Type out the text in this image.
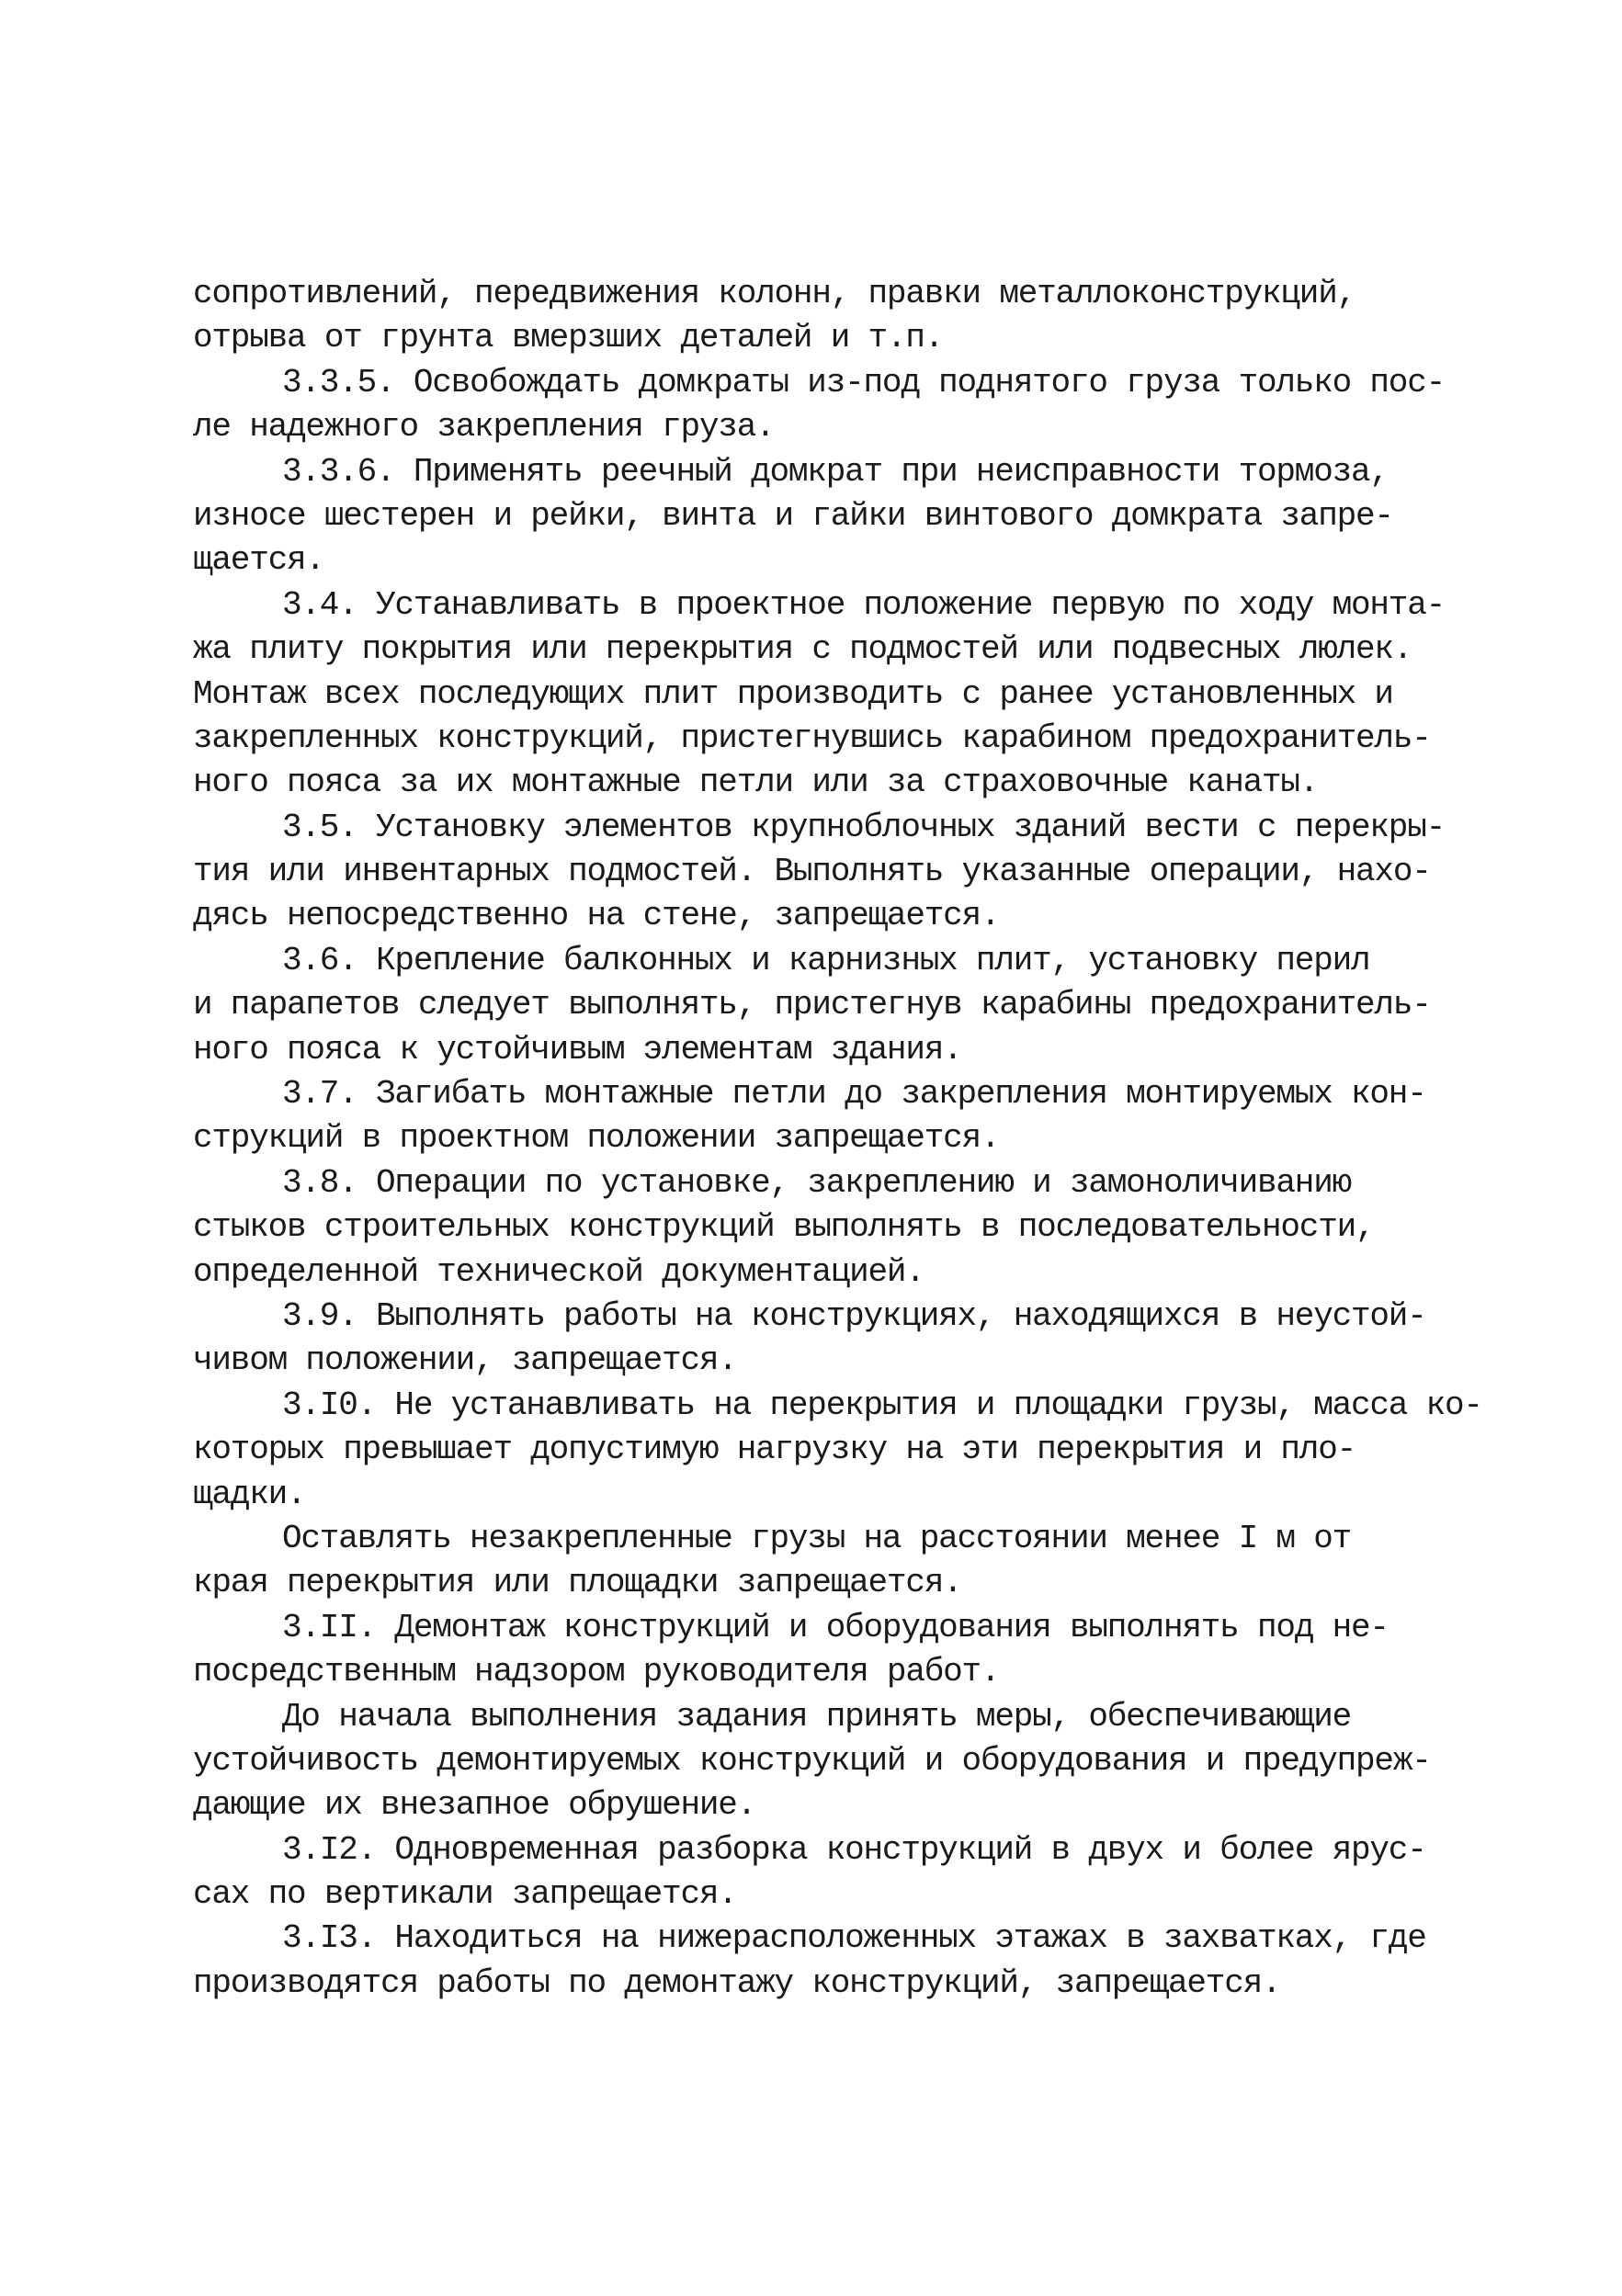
сопротивлений, передвижения колонн, правки металлоконструкций,
отрыва от грунта вмерзших деталей и т.п.
3.3.5. Освобождать домкраты из-под поднятого груза только пос-
ле надежного закрепления груза.
3.3.6. Применять реечный домкрат при неисправности тормоза,
износе шестерен и рейки, винта и гайки винтового домкрата запре-
щается.
3.4. Устанавливать в проектное положение первую по ходу монта-
жа плиту покрытия или перекрытия с подмостей или подвесных люлек.
Монтаж всех последующих плит производить с ранее установленных и
закрепленных конструкций, пристегнувшись карабином предохранитель-
ного пояса за их монтажные петли или за страховочные канаты.
3.5. Установку элементов крупноблочных зданий вести с перекры-
тия или инвентарных подмостей. Выполнять указанные операции, нахо-
дясь непосредственно на стене, запрещается.
3.6. Крепление балконных и карнизных плит, установку перил
и парапетов следует выполнять, пристегнув карабины предохранитель-
ного пояса к устойчивым элементам здания.
3.7. Загибать монтажные петли до закрепления монтируемых кон-
струкций в проектном положении запрещается.
3.8. Операции по установке, закреплению и замоноличиванию
стыков строительных конструкций выполнять в последовательности,
определенной технической документацией.
3.9. Выполнять работы на конструкциях, находящихся в неустой-
чивом положении, запрещается.
3.I0. Не устанавливать на перекрытия и площадки грузы, масса ко-
которых превышает допустимую нагрузку на эти перекрытия и пло-
щадки.
Оставлять незакрепленные грузы на расстоянии менее I м от
края перекрытия или площадки запрещается.
3.II. Демонтаж конструкций и оборудования выполнять под не-
посредственным надзором руководителя работ.
До начала выполнения задания принять меры, обеспечивающие
устойчивость демонтируемых конструкций и оборудования и предупреж-
дающие их внезапное обрушение.
3.I2. Одновременная разборка конструкций в двух и более ярус-
сах по вертикали запрещается.
3.I3. Находиться на нижерасположенных этажах в захватках, где
производятся работы по демонтажу конструкций, запрещается.
